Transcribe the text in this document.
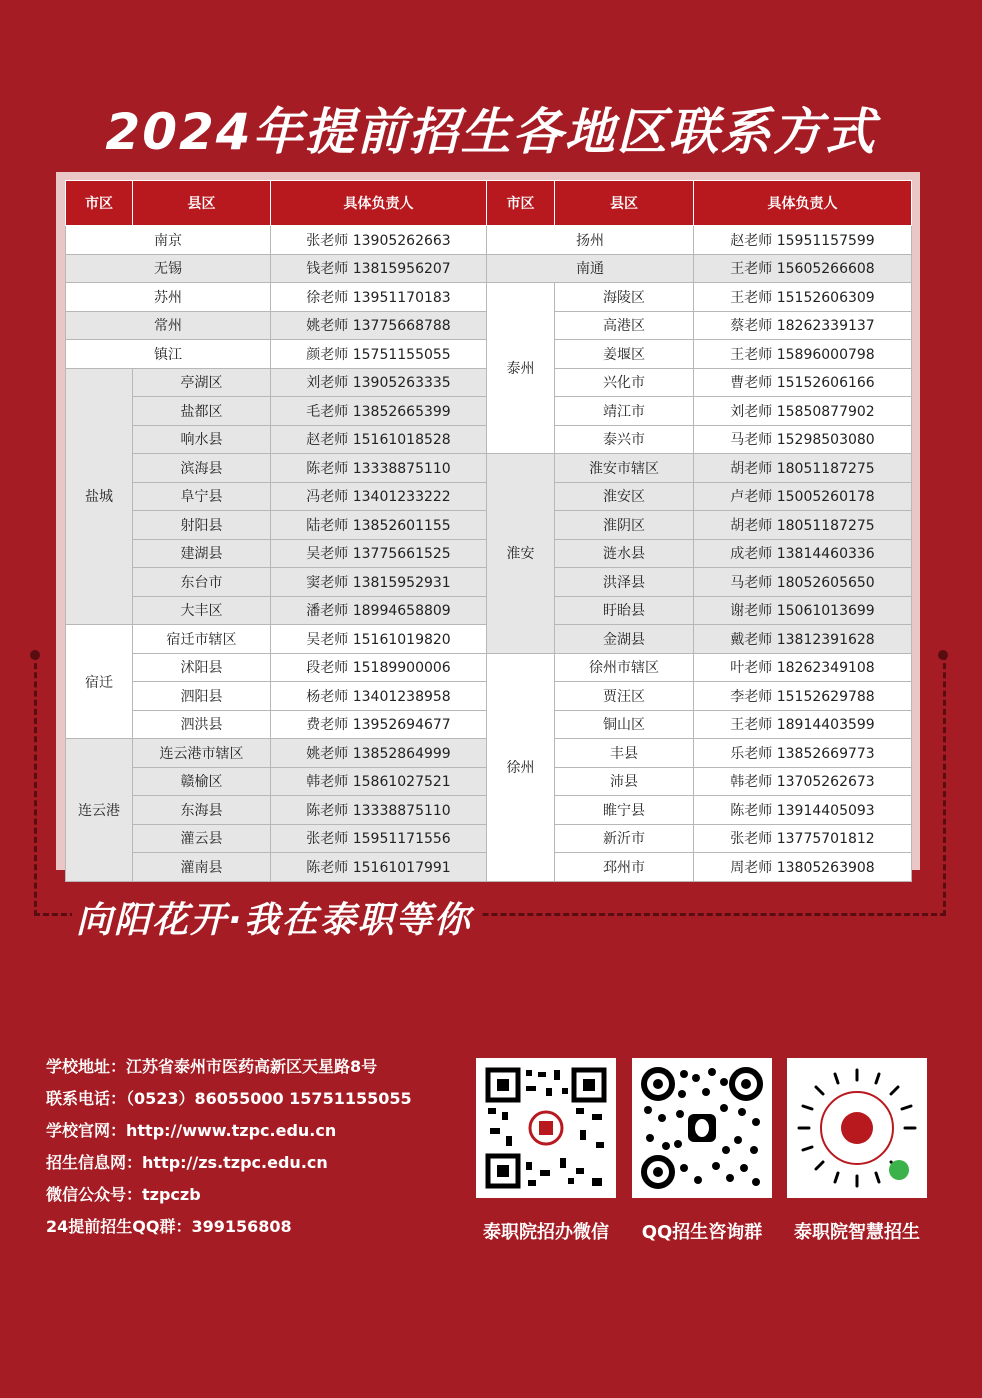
2024年提前招生各地区联系方式
市区	县区	具体负责人	市区	县区	具体负责人
南京		张老师 13905262663	扬州		赵老师 15951157599
无锡		钱老师 13815956207	南通		王老师 15605266608
苏州		徐老师 13951170183	泰州	海陵区	王老师 15152606309
常州		姚老师 13775668788		高港区	蔡老师 18262339137
镇江		颜老师 15751155055		姜堰区	王老师 15896000798
盐城	亭湖区	刘老师 13905263335		兴化市	曹老师 15152606166
	盐都区	毛老师 13852665399		靖江市	刘老师 15850877902
	响水县	赵老师 15161018528		泰兴市	马老师 15298503080
	滨海县	陈老师 13338875110	淮安	淮安市辖区	胡老师 18051187275
	阜宁县	冯老师 13401233222		淮安区	卢老师 15005260178
	射阳县	陆老师 13852601155		淮阴区	胡老师 18051187275
	建湖县	吴老师 13775661525		涟水县	成老师 13814460336
	东台市	窦老师 13815952931		洪泽县	马老师 18052605650
	大丰区	潘老师 18994658809		盱眙县	谢老师 15061013699
宿迁	宿迁市辖区	吴老师 15161019820		金湖县	戴老师 13812391628
	沭阳县	段老师 15189900006	徐州	徐州市辖区	叶老师 18262349108
	泗阳县	杨老师 13401238958		贾汪区	李老师 15152629788
	泗洪县	费老师 13952694677		铜山区	王老师 18914403599
连云港	连云港市辖区	姚老师 13852864999		丰县	乐老师 13852669773
	赣榆区	韩老师 15861027521		沛县	韩老师 13705262673
	东海县	陈老师 13338875110		睢宁县	陈老师 13914405093
	灌云县	张老师 15951171556		新沂市	张老师 13775701812
	灌南县	陈老师 15161017991		邳州市	周老师 13805263908
向阳花开·我在泰职等你
学校地址：江苏省泰州市医药高新区天星路8号
联系电话：（0523）86055000 15751155055
学校官网：http://www.tzpc.edu.cn
招生信息网：http://zs.tzpc.edu.cn
微信公众号：tzpczb
24提前招生QQ群：399156808	泰职院招办微信	QQ招生咨询群	泰职院智慧招生
